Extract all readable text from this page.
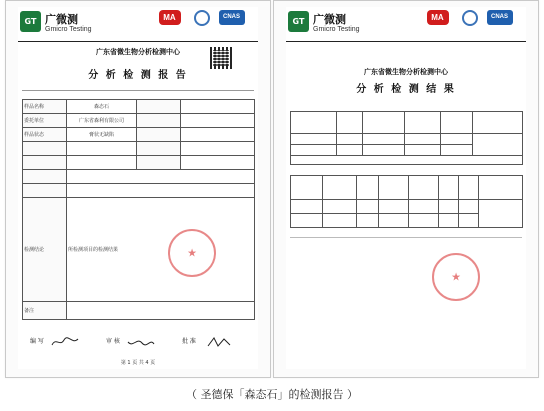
GT 广微测
Gmicro Testing
MA	CNAS
广东省微生物分析检测中心
分 析 检 测 报 告
样品名称	森态石		
委托单位	广东省森利有限公司		
样品状态	膏状无缺陷		

检测结论	所检测项目的检测结果		
备注			
★
编 写	审 核	批 准
第 1 页 共 4 页
GT 广微测
Gmicro Testing
MA	CNAS
广东省微生物分析检测中心
分 析 检 测 结 果

★
（ 圣德保「森态石」的检测报告 ）
